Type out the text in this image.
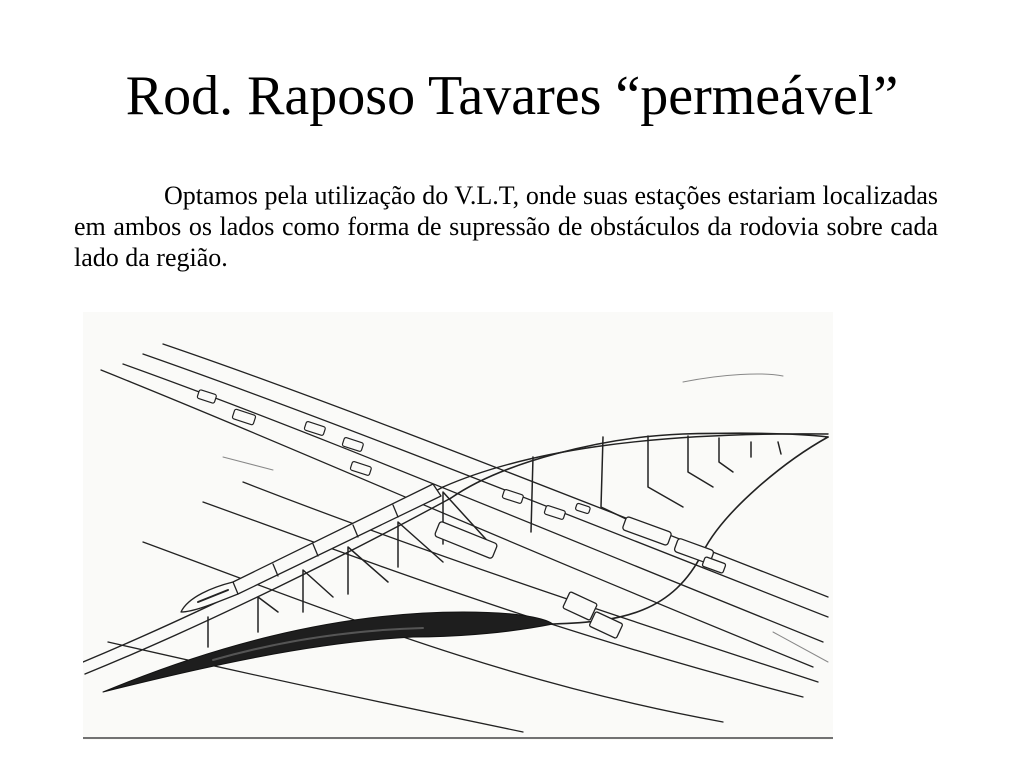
Rod. Raposo Tavares “permeável”

Optamos pela utilização do V.L.T, onde suas estações estariam localizadas em ambos os lados como forma de supressão de obstáculos da rodovia sobre cada lado da região.
